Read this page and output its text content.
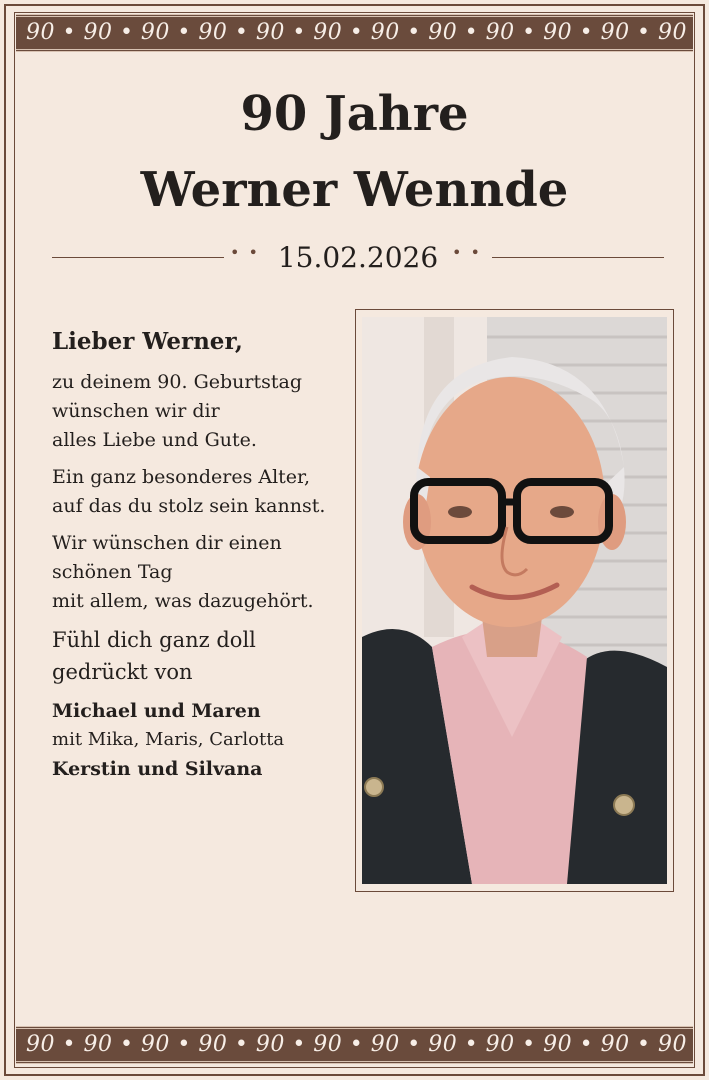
90 • 90 • 90 • 90 • 90 • 90 • 90 • 90 • 90 • 90 • 90 • 90
90 Jahre
Werner Wennde
• • 15.02.2026 • •
Lieber Werner,
zu deinem 90. Geburtstag
wünschen wir dir
alles Liebe und Gute.
Ein ganz besonderes Alter,
auf das du stolz sein kannst.
Wir wünschen dir einen
schönen Tag
mit allem, was dazugehört.
Fühl dich ganz doll
gedrückt von
Michael und Maren
mit Mika, Maris, Carlotta
Kerstin und Silvana
90 • 90 • 90 • 90 • 90 • 90 • 90 • 90 • 90 • 90 • 90 • 90
